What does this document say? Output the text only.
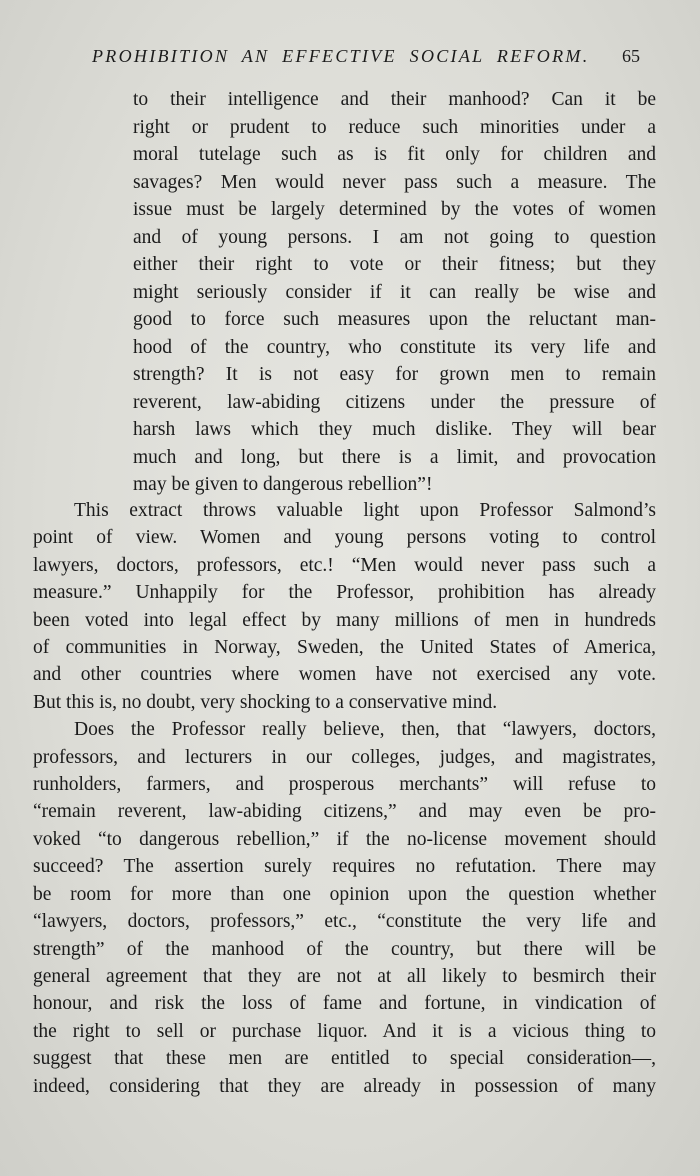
PROHIBITION AN EFFECTIVE SOCIAL REFORM. 65
to their intelligence and their manhood? Can it be
right or prudent to reduce such minorities under a
moral tutelage such as is fit only for children and
savages? Men would never pass such a measure. The
issue must be largely determined by the votes of women
and of young persons. I am not going to question
either their right to vote or their fitness; but they
might seriously consider if it can really be wise and
good to force such measures upon the reluctant man-
hood of the country, who constitute its very life and
strength? It is not easy for grown men to remain
reverent, law-abiding citizens under the pressure of
harsh laws which they much dislike. They will bear
much and long, but there is a limit, and provocation
may be given to dangerous rebellion”!
This extract throws valuable light upon Professor Salmond’s
point of view. Women and young persons voting to control
lawyers, doctors, professors, etc.! “Men would never pass such a
measure.” Unhappily for the Professor, prohibition has already
been voted into legal effect by many millions of men in hundreds
of communities in Norway, Sweden, the United States of America,
and other countries where women have not exercised any vote.
But this is, no doubt, very shocking to a conservative mind.
Does the Professor really believe, then, that “lawyers, doctors,
professors, and lecturers in our colleges, judges, and magistrates,
runholders, farmers, and prosperous merchants” will refuse to
“remain reverent, law-abiding citizens,” and may even be pro-
voked “to dangerous rebellion,” if the no-license movement should
succeed? The assertion surely requires no refutation. There may
be room for more than one opinion upon the question whether
“lawyers, doctors, professors,” etc., “constitute the very life and
strength” of the manhood of the country, but there will be
general agreement that they are not at all likely to besmirch their
honour, and risk the loss of fame and fortune, in vindication of
the right to sell or purchase liquor. And it is a vicious thing to
suggest that these men are entitled to special consideration—,
indeed, considering that they are already in possession of many
